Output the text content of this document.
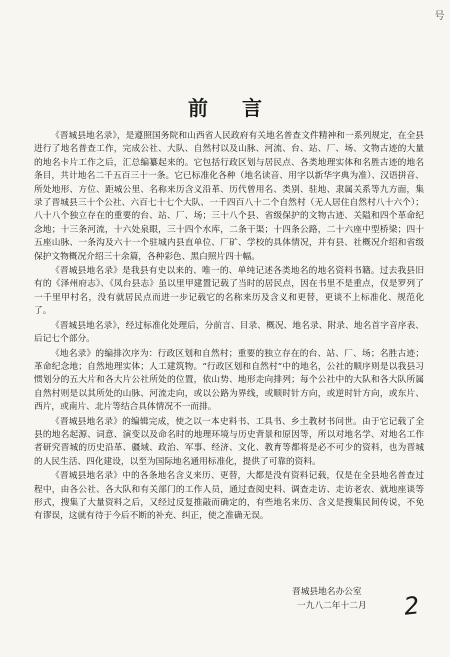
号
前言

《晋城县地名录》，是遵照国务院和山西省人民政府有关地名普查文件精神和一系列规定，在全县进行了地名普查工作，完成公社、大队、自然村以及山脉、河流、台、站、厂、场、文物古迹的大量的地名卡片工作之后，汇总编纂起来的。它包括行政区划与居民点、各类地理实体和名胜古迹的地名条目，共计地名二千五百三十一条。它已标准化各种（地名读音、用字以新华字典为准）、汉语拼音、所处地形、方位、距城公里、名称来历含义沿革、历代曾用名、类别、驻地、隶属关系等九方面，集录了晋城县三十个公社、六百七十七个大队、一千四百八十二个自然村（无人居住自然村八十六个）；八十八个独立存在的重要的台、站、厂、场；三十八个县、省级保护的文物古迹、关隘和四个革命纪念地；十三条河流，十六处泉眼，三十四个水库，二条干渠；十四条公路，二十六座中型桥梁；四十五座山脉、一条沟及六十一个驻城内县直单位、厂矿、学校的具体情况，并有县、社概况介绍和省级保护文物概况介绍三十余篇，各种彩色、黑白照片四十幅。

《晋城县地名录》是我县有史以来的、唯一的、单纯记述各类地名的地名资料书籍。过去我县旧有的《泽州府志》、《凤台县志》虽以里甲建置记载了当时的居民点，因在书里不是重点，仅是罗列了一千里甲村名，没有就居民点而进一步记载它的名称来历及含义和更替，更谈不上标准化、规范化了。

《晋城县地名录》，经过标准化处理后，分前言、目录、概况、地名录、附录、地名首字音序表、后记七个部分。

《地名录》的编排次序为：行政区划和自然村；重要的独立存在的台、站、厂、场；名胜古迹；革命纪念地；自然地理实体；人工建筑物。“行政区划和自然村”中的地名，公社的顺序则是以我县习惯划分的五大片和各大片公社所处的位置，依山势、地形走向排列；每个公社中的大队和各大队所属自然村则是以其所处的山脉、河流走向，或以公路为界线，或顺时针方向，或逆时针方向，或东片、西片，或南片、北片等结合具体情况不一而排。

《晋城县地名录》的编辑完成，使之以一本史料书、工具书、乡土教材书问世。由于它记载了全县的地名起源、词意、演变以及命名时的地理环境与历史背景和原因等，所以对地名学、对地名工作者研究晋城的历史沿革、疆域、政治、军事、经济、文化、教育等都将是必不可少的资料，也为晋城的人民生活、四化建设，以至为国际地名通用标准化，提供了可靠的资料。

《晋城县地名录》中的各条地名含义来历、更替，大都是没有资料记载，仅是在全县地名普查过程中，由各公社、各大队和有关部门的工作人员，通过查阅史料、调查走访、走访老农、就地座谈等形式，搜集了大量资料之后，又经过反复推敲而确定的，有些地名来历、含义是搜集民间传说，不免有谬误，这就有待于今后不断的补充、纠正，使之准确无误。

晋城县地名办公室
一九八二年十二月 2
